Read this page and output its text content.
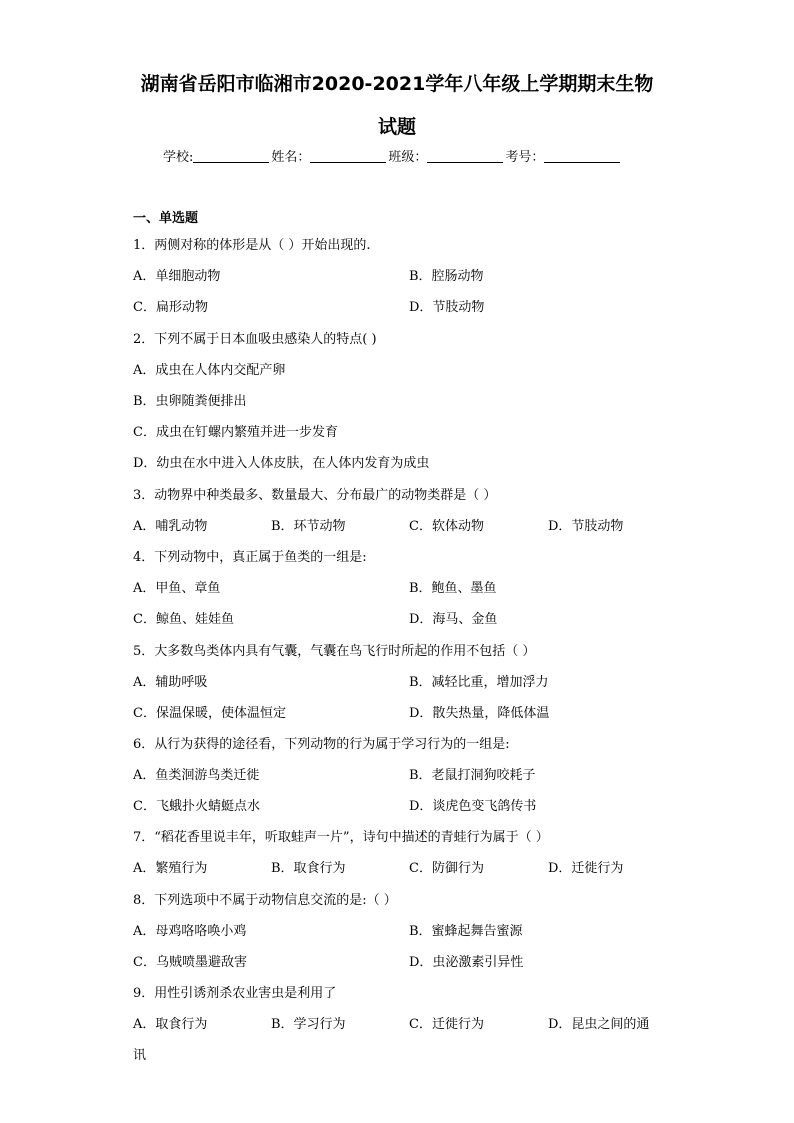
湖南省岳阳市临湘市2020-2021学年八年级上学期期末生物
试题
学校:	姓名：	班级：	考号：
一、单选题
1．两侧对称的体形是从（ ）开始出现的.
A．单细胞动物	B．腔肠动物
C．扁形动物	D．节肢动物
2．下列不属于日本血吸虫感染人的特点( )
A．成虫在人体内交配产卵
B．虫卵随粪便排出
C．成虫在钉螺内繁殖并进一步发育
D．幼虫在水中进入人体皮肤，在人体内发育为成虫
3．动物界中种类最多、数量最大、分布最广的动物类群是（ ）
A．哺乳动物	B．环节动物	C．软体动物	D．节肢动物
4．下列动物中，真正属于鱼类的一组是:
A．甲鱼、章鱼	B．鲍鱼、墨鱼
C．鲸鱼、娃娃鱼	D．海马、金鱼
5．大多数鸟类体内具有气囊，气囊在鸟飞行时所起的作用不包括（ ）
A．辅助呼吸	B．减轻比重，增加浮力
C．保温保暖，使体温恒定	D．散失热量，降低体温
6．从行为获得的途径看，下列动物的行为属于学习行为的一组是:
A．鱼类洄游鸟类迁徙	B．老鼠打洞狗咬耗子
C．飞蛾扑火蜻蜓点水	D．谈虎色变飞鸽传书
7．“稻花香里说丰年，听取蛙声一片”，诗句中描述的青蛙行为属于（ ）
A．繁殖行为	B．取食行为	C．防御行为	D．迁徙行为
8．下列选项中不属于动物信息交流的是:（ ）
A．母鸡咯咯唤小鸡	B．蜜蜂起舞告蜜源
C．乌贼喷墨避敌害	D．虫泌激素引异性
9．用性引诱剂杀农业害虫是利用了
A．取食行为	B．学习行为	C．迁徙行为	D．昆虫之间的通
讯
